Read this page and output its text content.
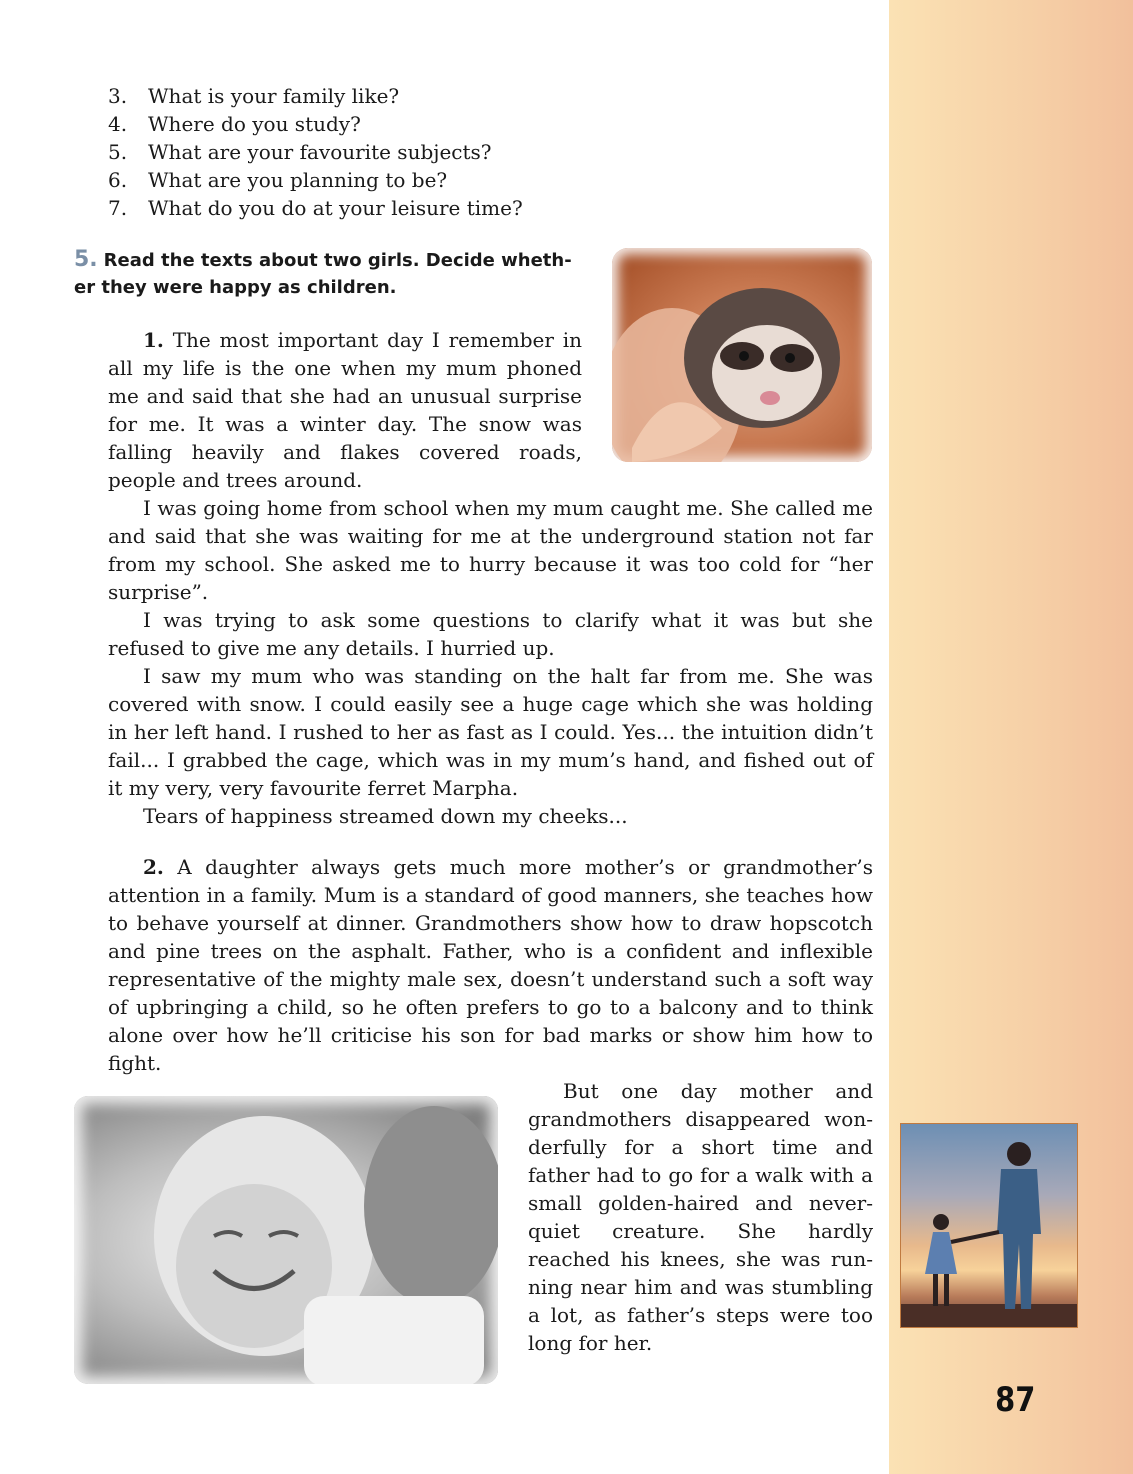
3. What is your family like?
4. Where do you study?
5. What are your favourite subjects?
6. What are you planning to be?
7. What do you do at your leisure time?
5. Read the texts about two girls. Decide wheth-er they were happy as children.

1. The most important day I remember in all my life is the one when my mum phoned me and said that she had an unusual surprise for me. It was a winter day. The snow was falling heavily and flakes covered roads, people and trees around.

I was going home from school when my mum caught me. She called me and said that she was waiting for me at the underground station not far from my school. She asked me to hurry because it was too cold for “her surprise”.

I was trying to ask some questions to clarify what it was but she refused to give me any details. I hurried up.

I saw my mum who was standing on the halt far from me. She was covered with snow. I could easily see a huge cage which she was holding in her left hand. I rushed to her as fast as I could. Yes... the intuition didn’t fail... I grabbed the cage, which was in my mum’s hand, and fished out of it my very, very favourite ferret Marpha.

Tears of happiness streamed down my cheeks...

2. A daughter always gets much more mother’s or grandmother’s attention in a family. Mum is a standard of good manners, she teaches how to behave yourself at dinner. Grandmothers show how to draw hopscotch and pine trees on the asphalt. Father, who is a confident and inflexible representative of the mighty male sex, doesn’t understand such a soft way of upbringing a child, so he often prefers to go to a balcony and to think alone over how he’ll criticise his son for bad marks or show him how to fight.

But one day mother and grandmothers disappeared won-derfully for a short time and father had to go for a walk with a small golden-haired and never-quiet creature. She hardly reached his knees, she was run-ning near him and was stumbling a lot, as father’s steps were too long for her.

87
